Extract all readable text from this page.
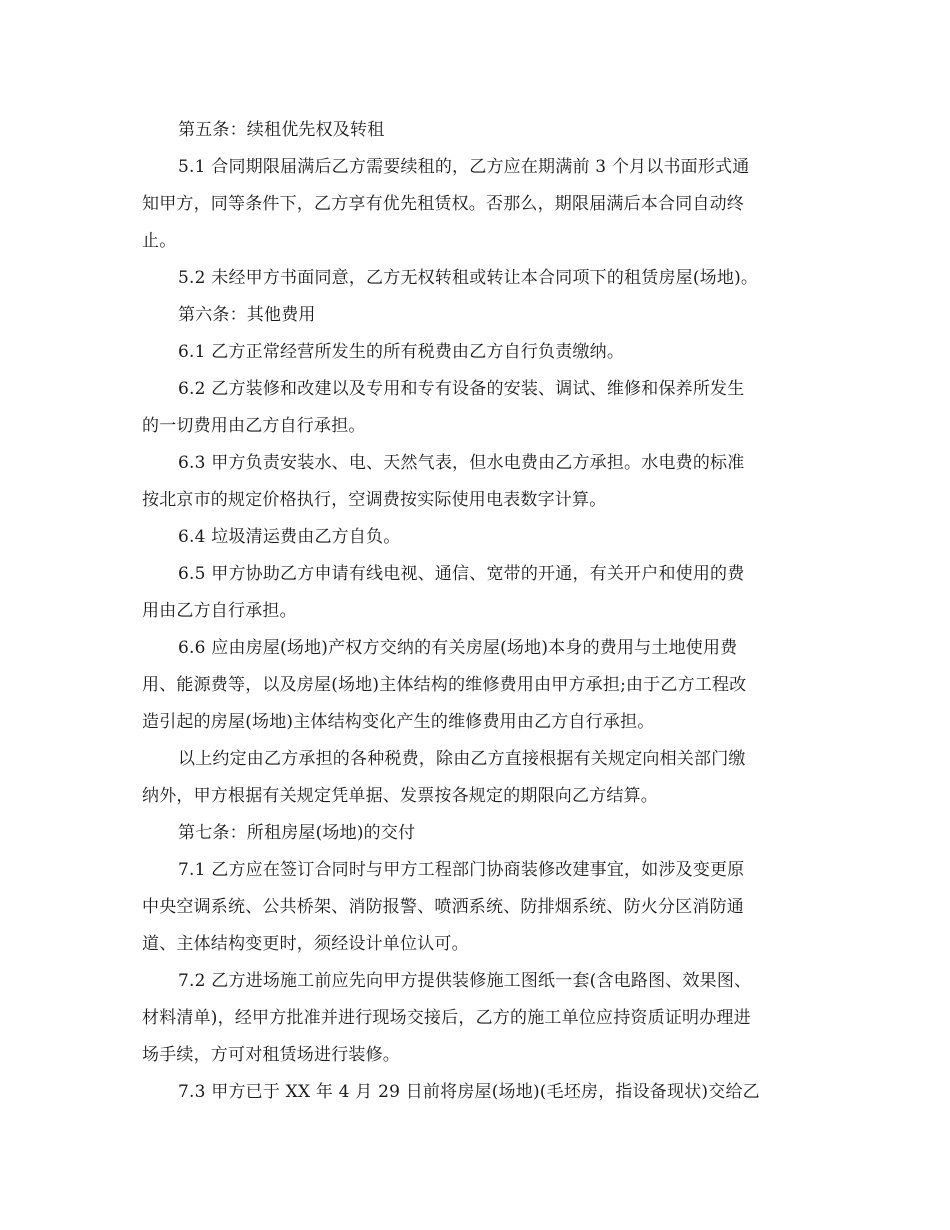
第五条：续租优先权及转租
5.1 合同期限届满后乙方需要续租的，乙方应在期满前 3 个月以书面形式通
知甲方，同等条件下，乙方享有优先租赁权。否那么，期限届满后本合同自动终
止。
5.2 未经甲方书面同意，乙方无权转租或转让本合同项下的租赁房屋(场地)。
第六条：其他费用
6.1 乙方正常经营所发生的所有税费由乙方自行负责缴纳。
6.2 乙方装修和改建以及专用和专有设备的安装、调试、维修和保养所发生
的一切费用由乙方自行承担。
6.3 甲方负责安装水、电、天然气表，但水电费由乙方承担。水电费的标准
按北京市的规定价格执行，空调费按实际使用电表数字计算。
6.4 垃圾清运费由乙方自负。
6.5 甲方协助乙方申请有线电视、通信、宽带的开通，有关开户和使用的费
用由乙方自行承担。
6.6 应由房屋(场地)产权方交纳的有关房屋(场地)本身的费用与土地使用费
用、能源费等，以及房屋(场地)主体结构的维修费用由甲方承担;由于乙方工程改
造引起的房屋(场地)主体结构变化产生的维修费用由乙方自行承担。
以上约定由乙方承担的各种税费，除由乙方直接根据有关规定向相关部门缴
纳外，甲方根据有关规定凭单据、发票按各规定的期限向乙方结算。
第七条：所租房屋(场地)的交付
7.1 乙方应在签订合同时与甲方工程部门协商装修改建事宜，如涉及变更原
中央空调系统、公共桥架、消防报警、喷洒系统、防排烟系统、防火分区消防通
道、主体结构变更时，须经设计单位认可。
7.2 乙方进场施工前应先向甲方提供装修施工图纸一套(含电路图、效果图、
材料清单)，经甲方批准并进行现场交接后，乙方的施工单位应持资质证明办理进
场手续，方可对租赁场进行装修。
7.3 甲方已于 XX 年 4 月 29 日前将房屋(场地)(毛坯房，指设备现状)交给乙
